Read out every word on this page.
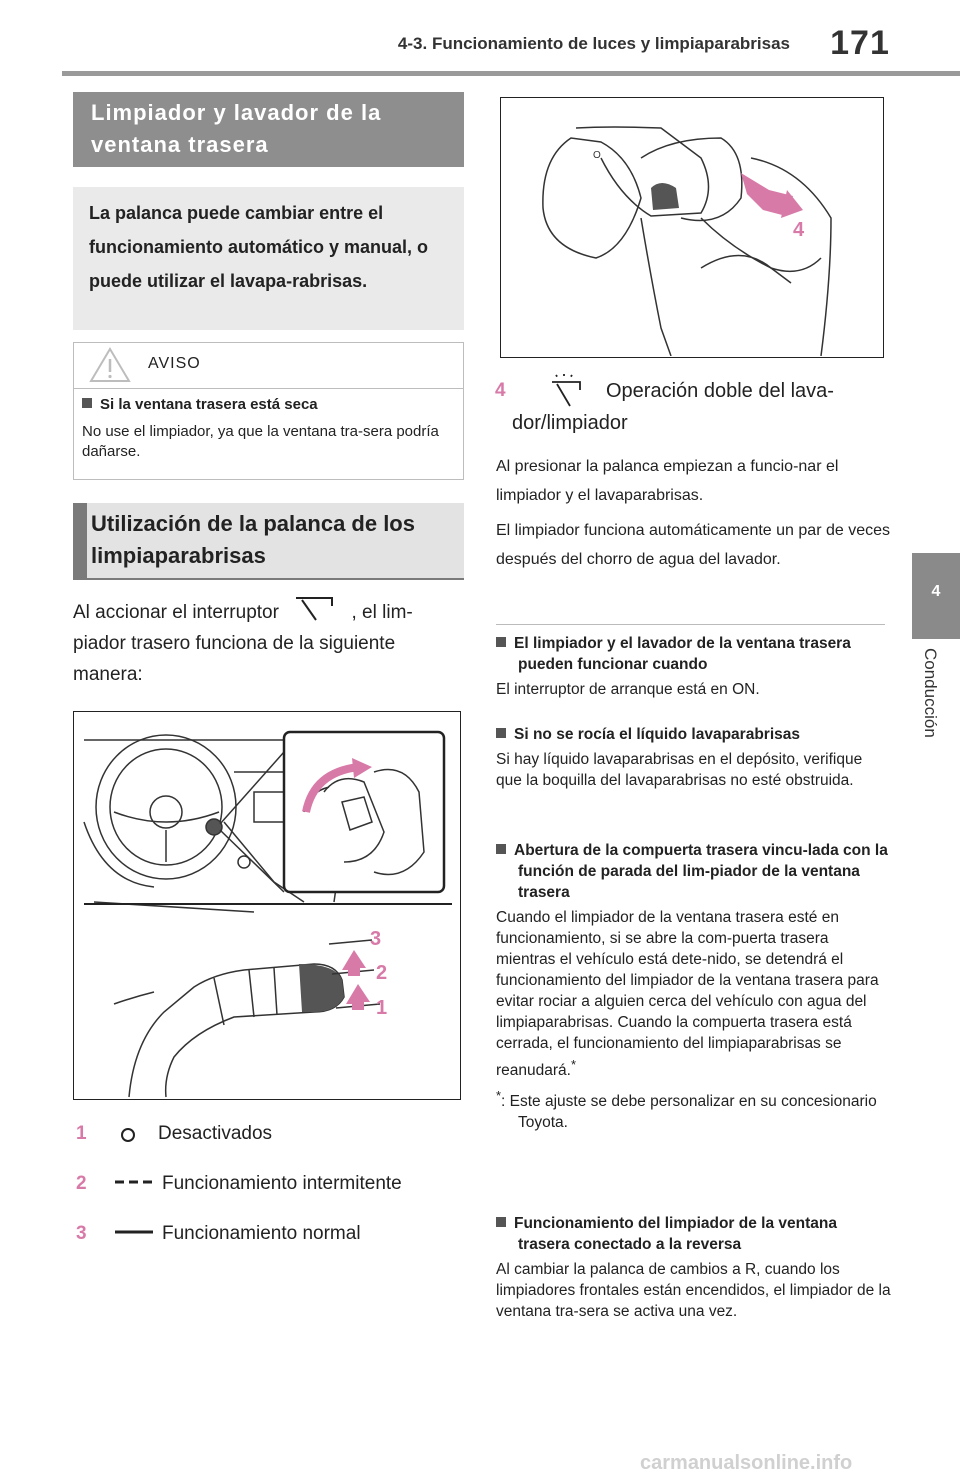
4-3. Funcionamiento de luces y limpiaparabrisas	171
4
Conducción
Limpiador y lavador de la ventana trasera
La palanca puede cambiar entre el funcionamiento automático y manual, o puede utilizar el lavapa-rabrisas.
AVISO
Si la ventana trasera está seca
No use el limpiador, ya que la ventana tra-sera podría dañarse.
Utilización de la palanca de los limpiaparabrisas
Al accionar el interruptor	, el lim-piador trasero funciona de la siguiente manera:
3
2
1
1	Desactivados
2	Funcionamiento intermitente
3	Funcionamiento normal
O
4
4	Operación doble del lava-
dor/limpiador

Al presionar la palanca empiezan a funcio-nar el limpiador y el lavaparabrisas.

El limpiador funciona automáticamente un par de veces después del chorro de agua del lavador.

El limpiador y el lavador de la ventana trasera pueden funcionar cuando

El interruptor de arranque está en ON.

Si no se rocía el líquido lavaparabrisas

Si hay líquido lavaparabrisas en el depósito, verifique que la boquilla del lavaparabrisas no esté obstruida.

Abertura de la compuerta trasera vincu-lada con la función de parada del lim-piador de la ventana trasera

Cuando el limpiador de la ventana trasera esté en funcionamiento, si se abre la com-puerta trasera mientras el vehículo está dete-nido, se detendrá el funcionamiento del limpiador de la ventana trasera para evitar rociar a alguien cerca del vehículo con agua del limpiaparabrisas. Cuando la compuerta trasera está cerrada, el funcionamiento del limpiaparabrisas se reanudará.*

*: Este ajuste se debe personalizar en su concesionario Toyota.

Funcionamiento del limpiador de la ventana trasera conectado a la reversa

Al cambiar la palanca de cambios a R, cuando los limpiadores frontales están encendidos, el limpiador de la ventana tra-sera se activa una vez.

carmanualsonline.info
